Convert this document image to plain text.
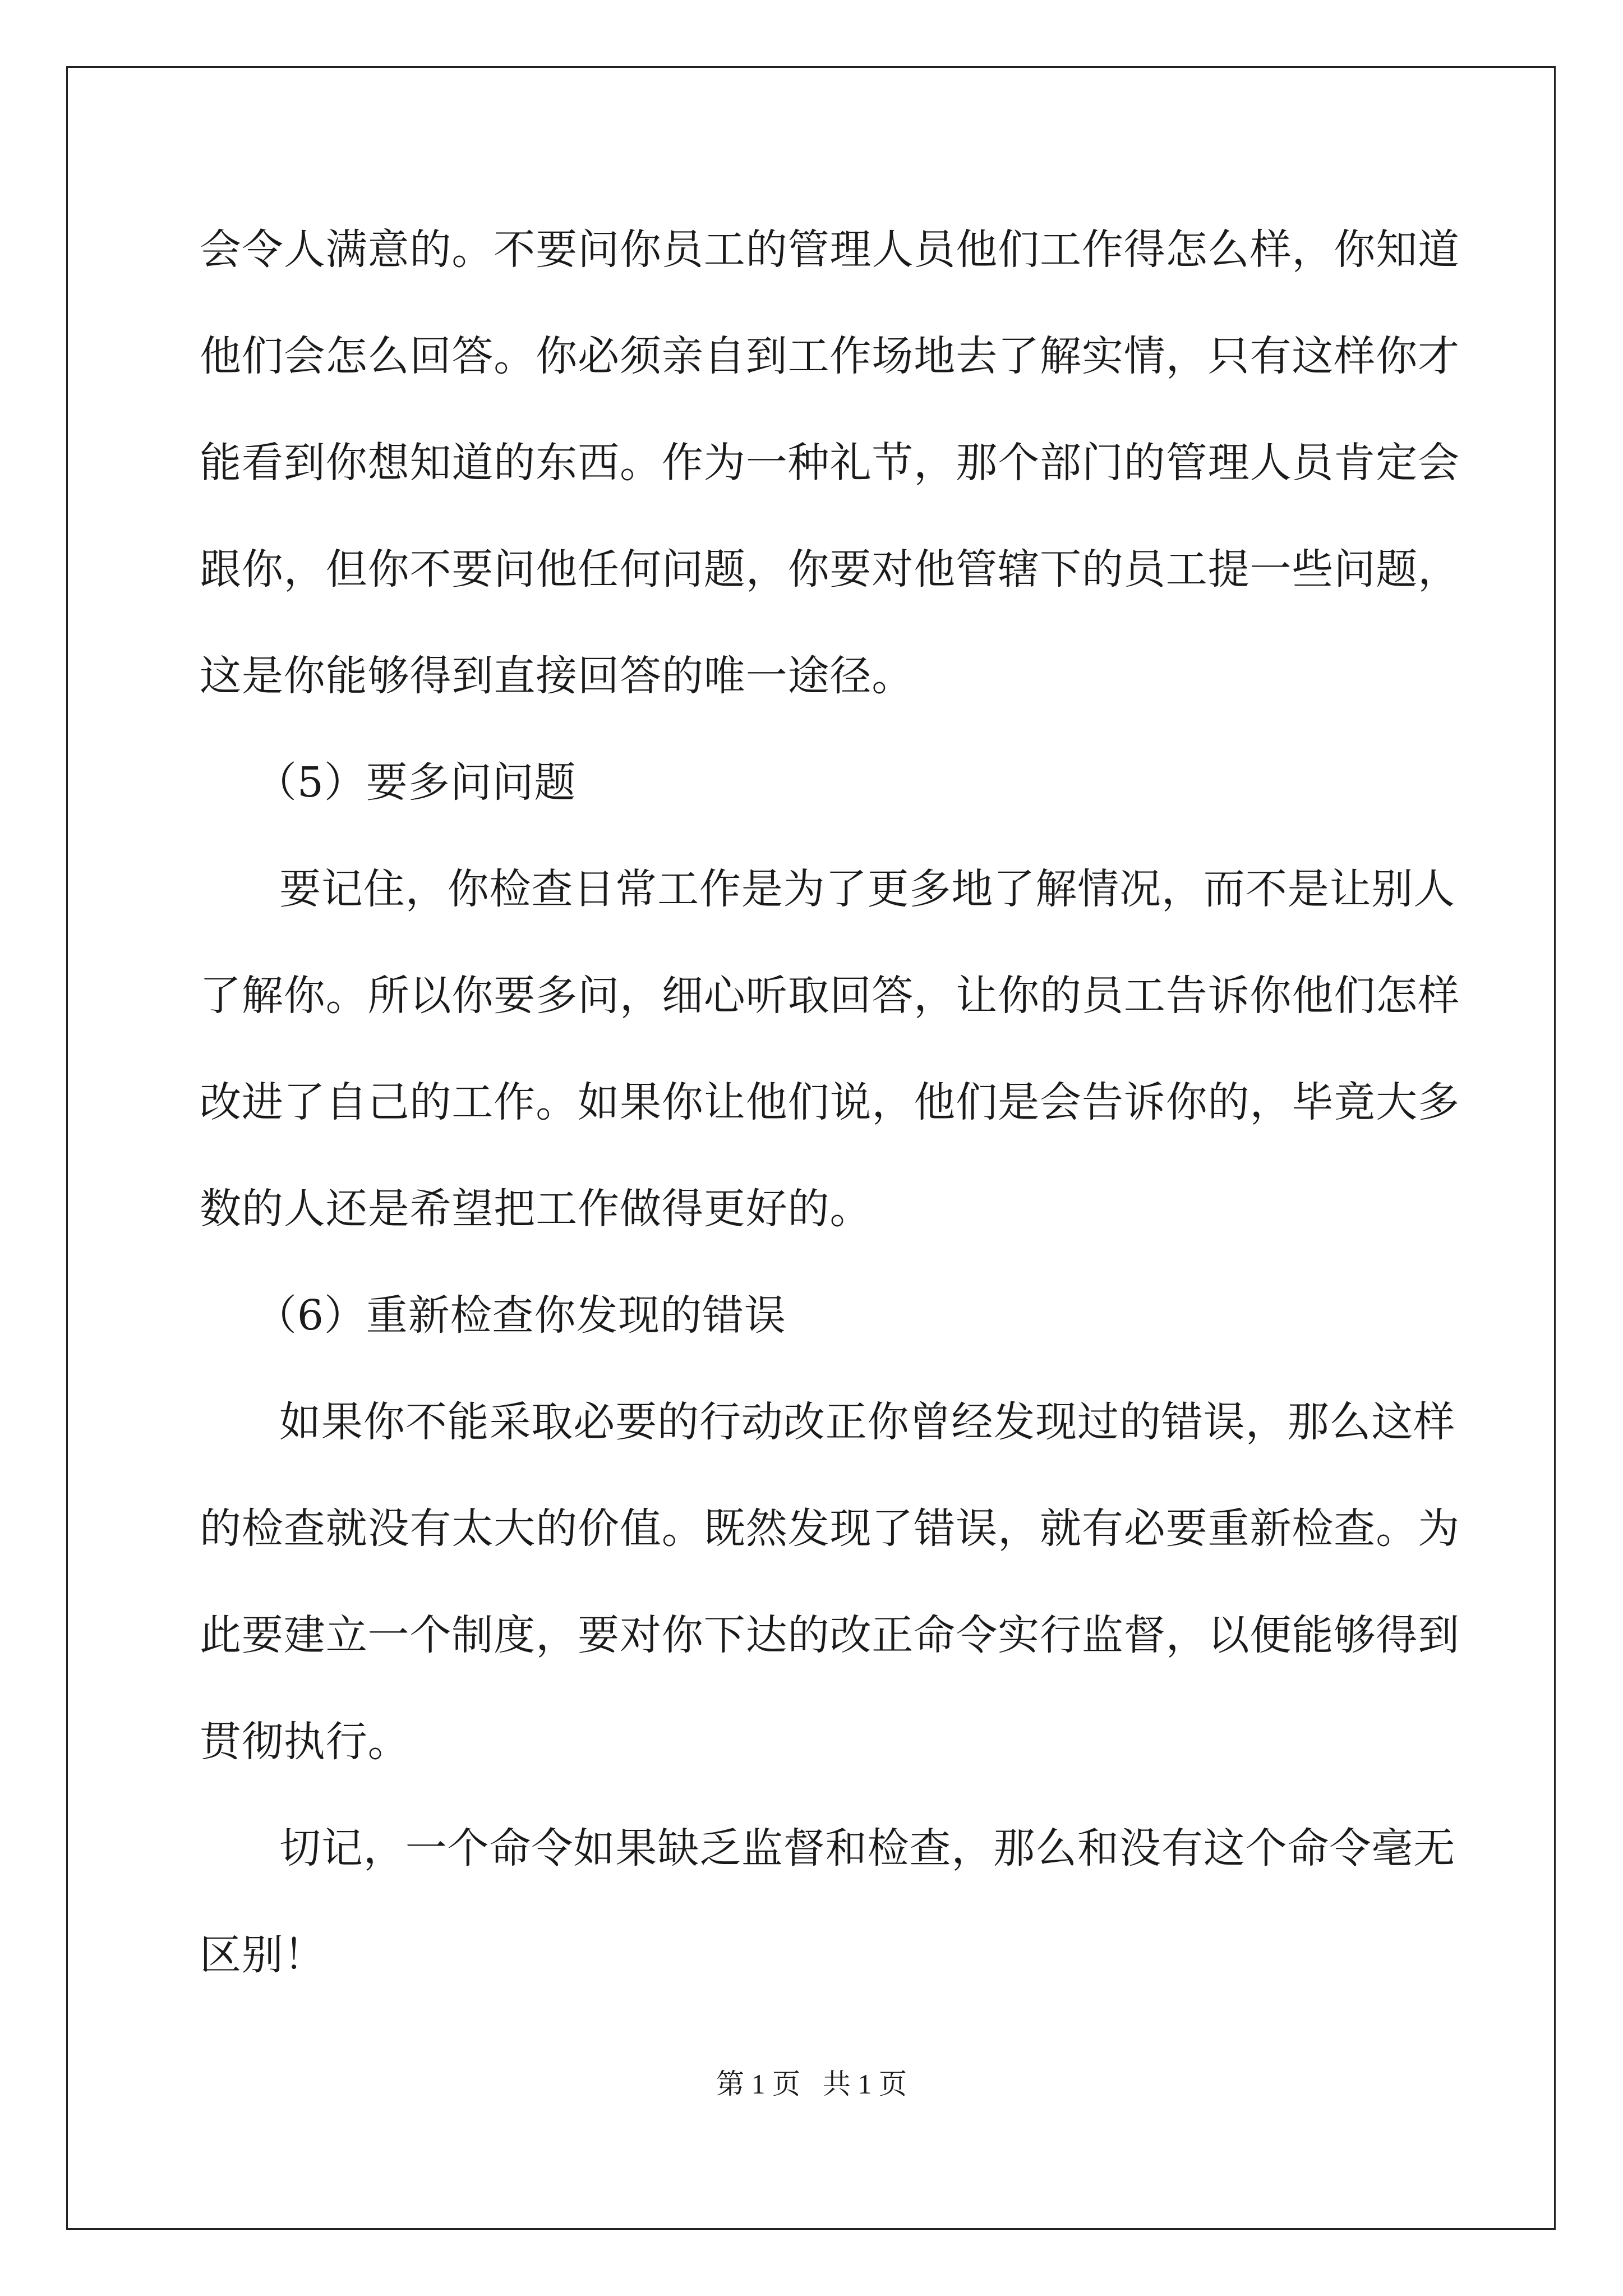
会令人满意的。不要问你员工的管理人员他们工作得怎么样，你知道
他们会怎么回答。你必须亲自到工作场地去了解实情，只有这样你才
能看到你想知道的东西。作为一种礼节，那个部门的管理人员肯定会
跟你，但你不要问他任何问题，你要对他管辖下的员工提一些问题，
这是你能够得到直接回答的唯一途径。
（5）要多问问题
要记住，你检查日常工作是为了更多地了解情况，而不是让别人
了解你。所以你要多问，细心听取回答，让你的员工告诉你他们怎样
改进了自己的工作。如果你让他们说，他们是会告诉你的，毕竟大多
数的人还是希望把工作做得更好的。
（6）重新检查你发现的错误
如果你不能采取必要的行动改正你曾经发现过的错误，那么这样
的检查就没有太大的价值。既然发现了错误，就有必要重新检查。为
此要建立一个制度，要对你下达的改正命令实行监督，以便能够得到
贯彻执行。
切记，一个命令如果缺乏监督和检查，那么和没有这个命令毫无
区别！
第 1 页 共 1 页
